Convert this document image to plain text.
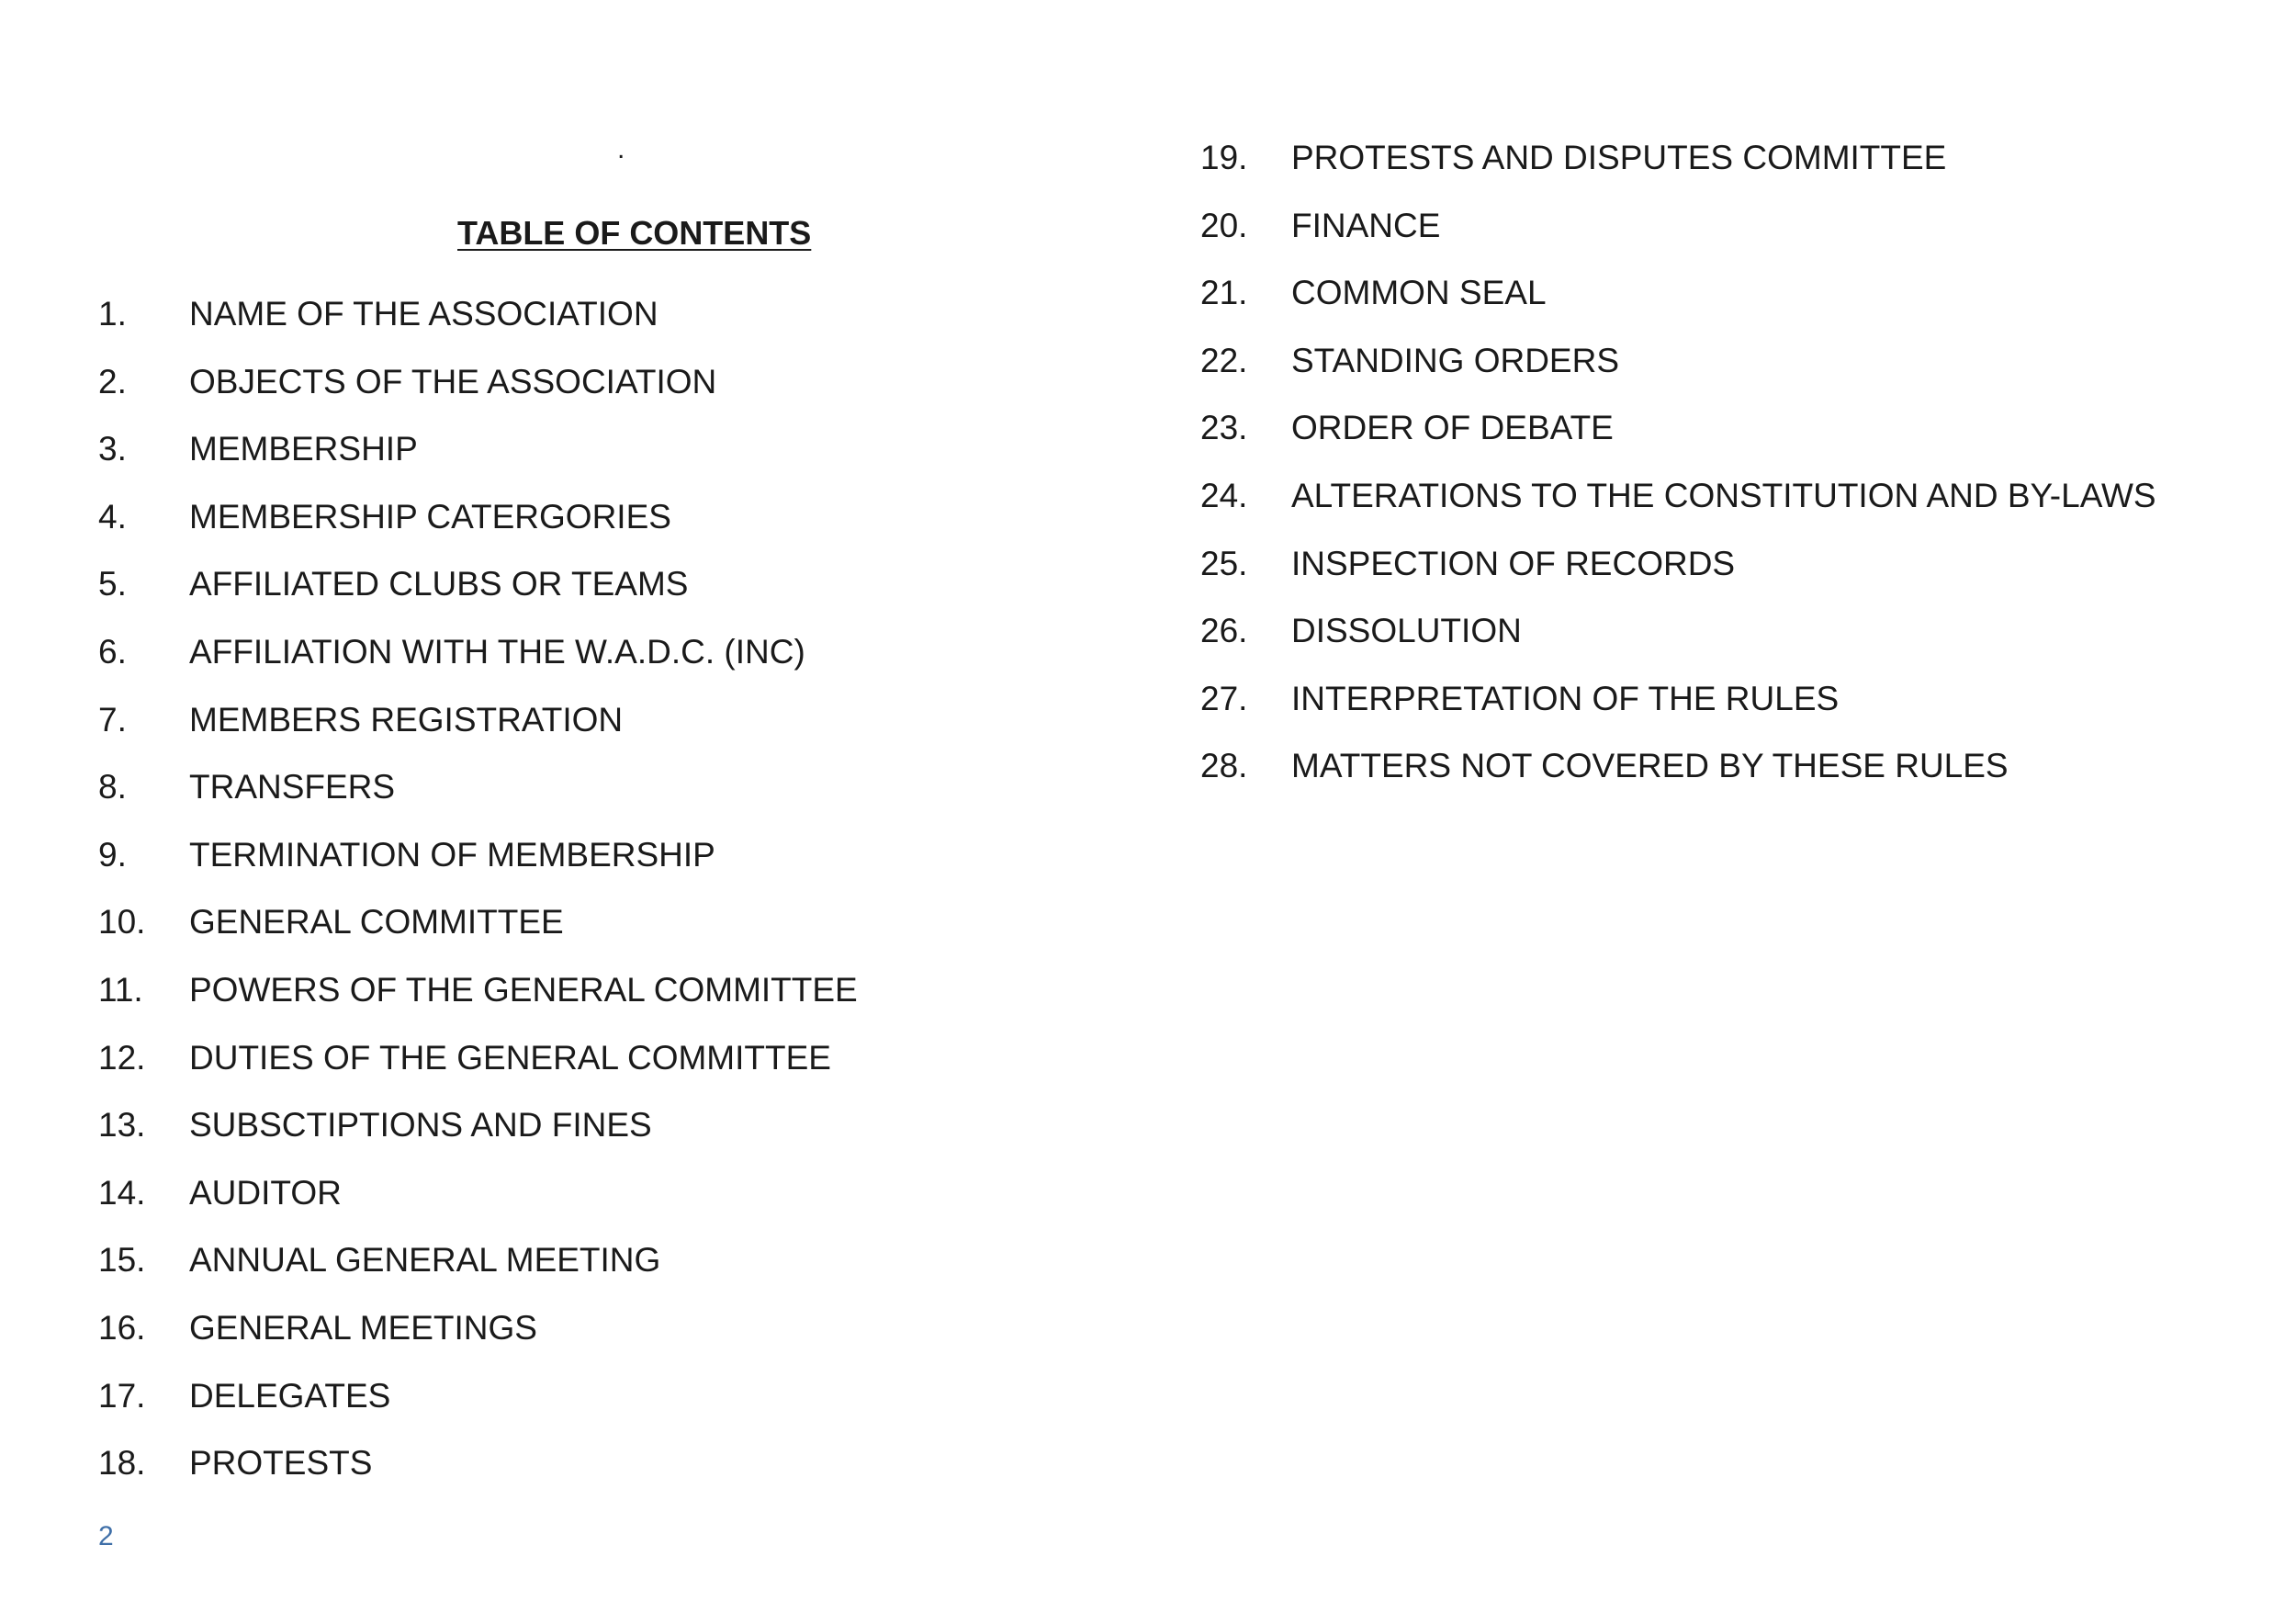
.
TABLE OF CONTENTS
1.	NAME OF THE ASSOCIATION
2.	OBJECTS OF THE ASSOCIATION
3.	MEMBERSHIP
4.	MEMBERSHIP CATERGORIES
5.	AFFILIATED CLUBS OR TEAMS
6.	AFFILIATION WITH THE W.A.D.C. (INC)
7.	MEMBERS REGISTRATION
8.	TRANSFERS
9.	TERMINATION OF MEMBERSHIP
10.	GENERAL COMMITTEE
11.	POWERS OF THE GENERAL COMMITTEE
12.	DUTIES OF THE GENERAL COMMITTEE
13.	SUBSCTIPTIONS AND FINES
14.	AUDITOR
15.	ANNUAL GENERAL MEETING
16.	GENERAL MEETINGS
17.	DELEGATES
18.	PROTESTS
19.	PROTESTS AND DISPUTES COMMITTEE
20.	FINANCE
21.	COMMON SEAL
22.	STANDING ORDERS
23.	ORDER OF DEBATE
24.	ALTERATIONS TO THE CONSTITUTION AND BY-LAWS
25.	INSPECTION OF RECORDS
26.	DISSOLUTION
27.	INTERPRETATION OF THE RULES
28.	MATTERS NOT COVERED BY THESE RULES
2
